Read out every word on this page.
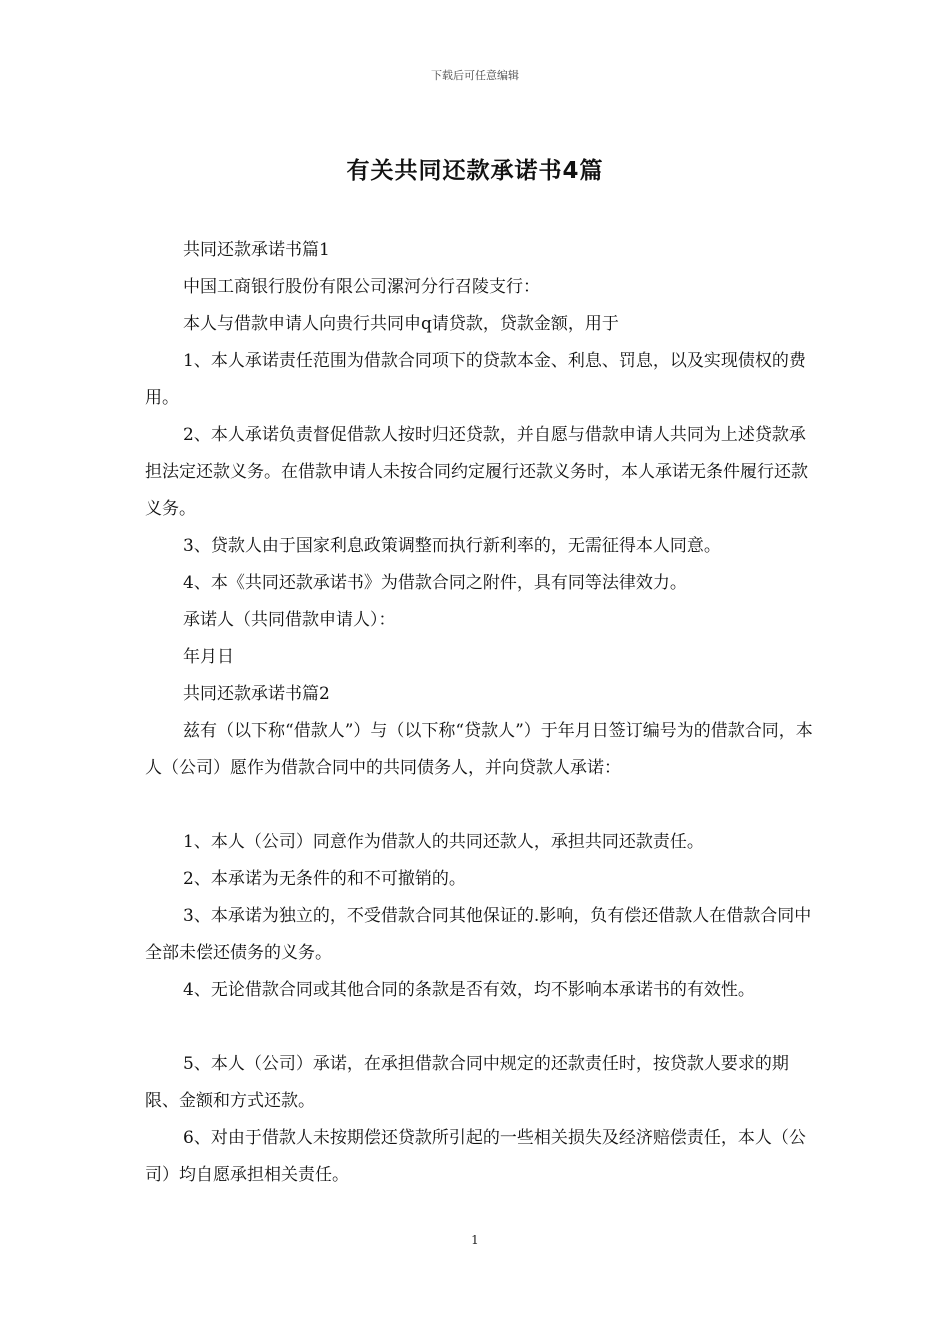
下载后可任意编辑
有关共同还款承诺书4篇

共同还款承诺书篇1

中国工商银行股份有限公司漯河分行召陵支行：

本人与借款申请人向贵行共同申q请贷款，贷款金额，用于

1、本人承诺责任范围为借款合同项下的贷款本金、利息、罚息，以及实现债权的费用。

2、本人承诺负责督促借款人按时归还贷款，并自愿与借款申请人共同为上述贷款承担法定还款义务。在借款申请人未按合同约定履行还款义务时，本人承诺无条件履行还款义务。

3、贷款人由于国家利息政策调整而执行新利率的，无需征得本人同意。

4、本《共同还款承诺书》为借款合同之附件，具有同等法律效力。

承诺人（共同借款申请人）：

年月日

共同还款承诺书篇2

兹有（以下称“借款人”）与（以下称“贷款人”）于年月日签订编号为的借款合同，本人（公司）愿作为借款合同中的共同债务人，并向贷款人承诺：

1、本人（公司）同意作为借款人的共同还款人，承担共同还款责任。

2、本承诺为无条件的和不可撤销的。

3、本承诺为独立的，不受借款合同其他保证的.影响，负有偿还借款人在借款合同中全部未偿还债务的义务。

4、无论借款合同或其他合同的条款是否有效，均不影响本承诺书的有效性。

5、本人（公司）承诺，在承担借款合同中规定的还款责任时，按贷款人要求的期限、金额和方式还款。

6、对由于借款人未按期偿还贷款所引起的一些相关损失及经济赔偿责任，本人（公司）均自愿承担相关责任。

1
